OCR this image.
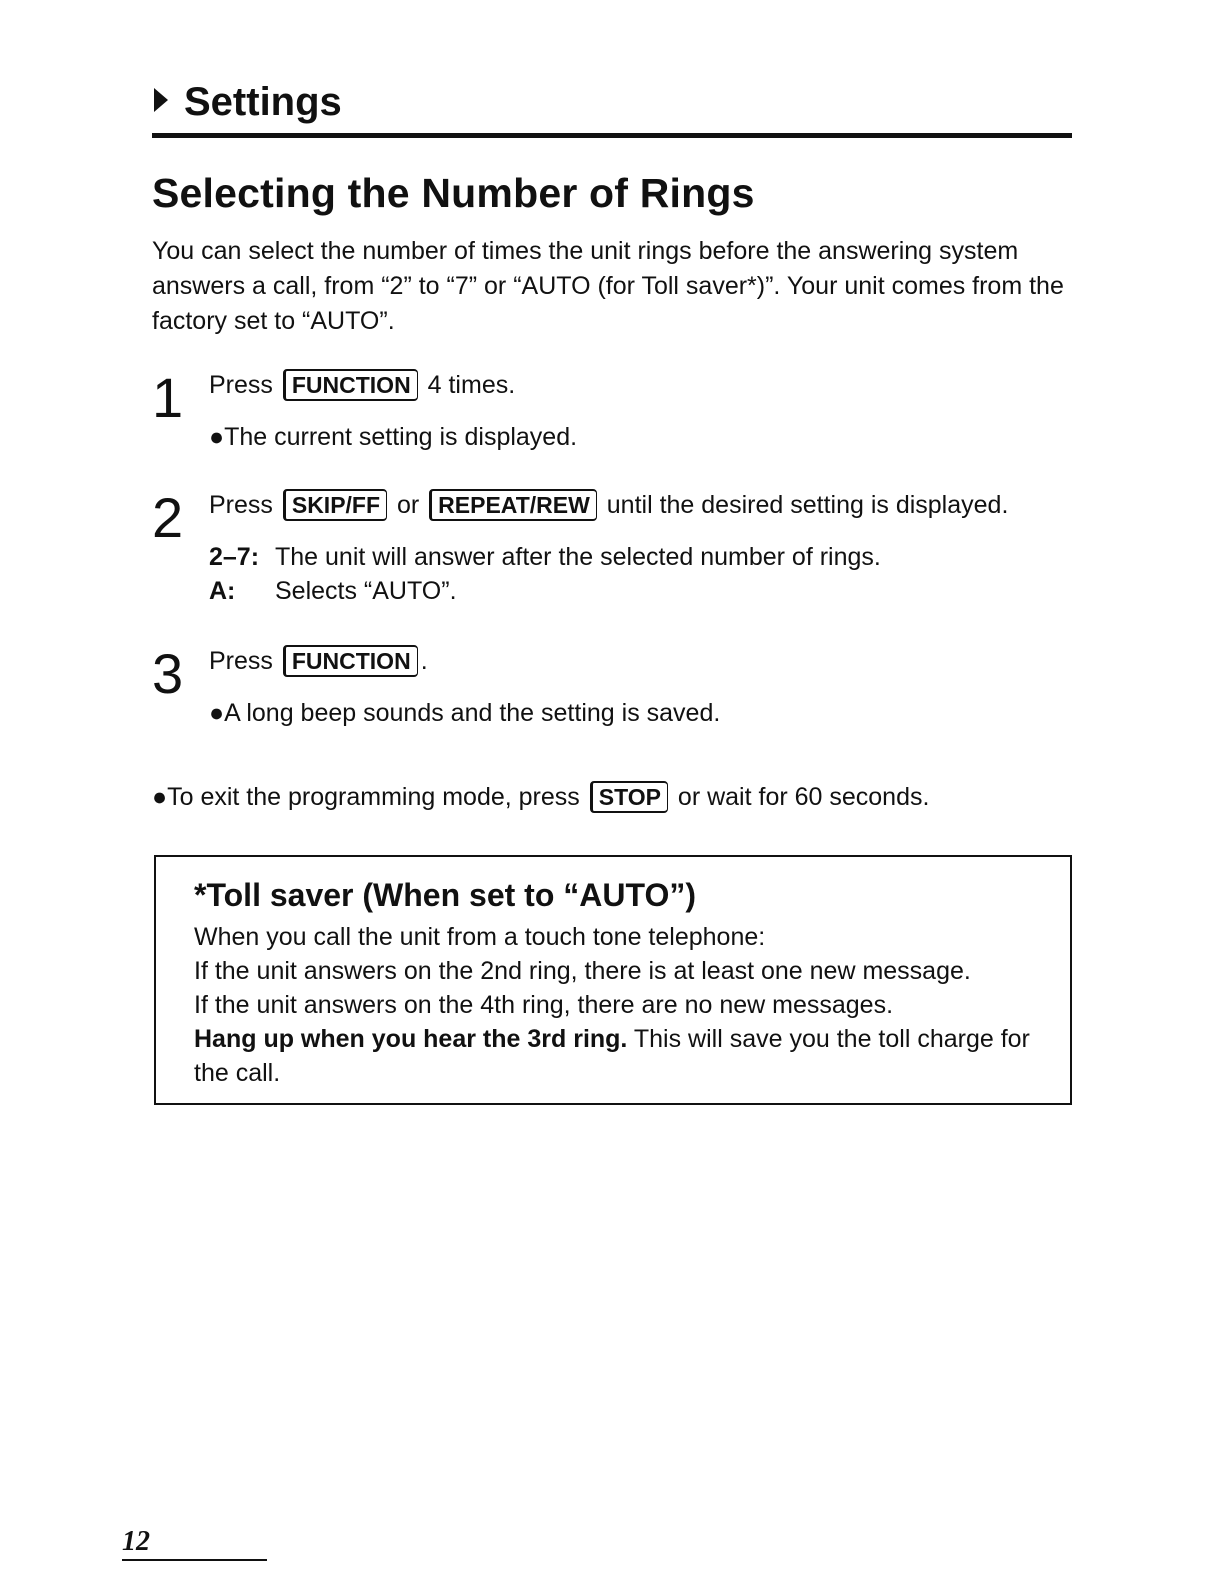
Settings
Selecting the Number of Rings

You can select the number of times the unit rings before the answering system answers a call, from “2” to “7” or “AUTO (for Toll saver*)”. Your unit comes from the factory set to “AUTO”.

1 Press FUNCTION 4 times.
●The current setting is displayed.
2 Press SKIP/FF or REPEAT/REW until the desired setting is displayed.
2–7: The unit will answer after the selected number of rings.
A:	Selects “AUTO”.
3 Press FUNCTION .
●A long beep sounds and the setting is saved.
●To exit the programming mode, press STOP or wait for 60 seconds.
*Toll saver (When set to “AUTO”)
When you call the unit from a touch tone telephone:
If the unit answers on the 2nd ring, there is at least one new message.
If the unit answers on the 4th ring, there are no new messages.
Hang up when you hear the 3rd ring. This will save you the toll charge for the call.
12
